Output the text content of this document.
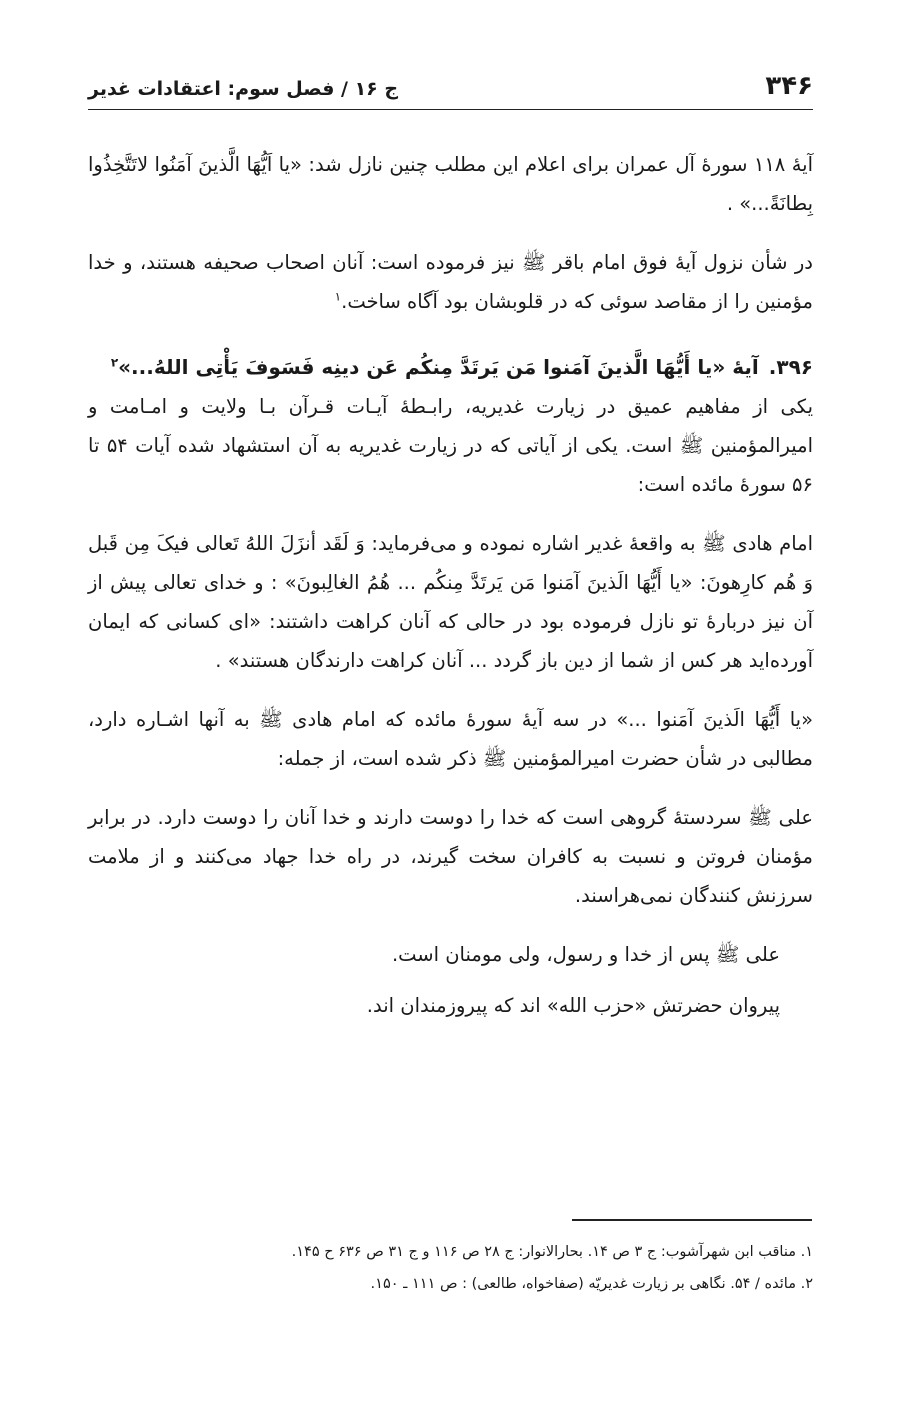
۳۴۶
ج ۱۶ / فصل سوم: اعتقادات غدیر

آیهٔ ۱۱۸ سورهٔ آل عمران برای اعلام این مطلب چنین نازل شد: «یا اَیُّهَا الَّذینَ آمَنُوا لاتَتَّخِذُوا بِطانَةً...» .

در شأن نزول آیهٔ فوق امام باقر ﷺ نیز فرموده است: آنان اصحاب صحیفه هستند، و خدا مؤمنین را از مقاصد سوئی که در قلوبشان بود آگاه ساخت.$^۱$

۳۹۶.آیهٔ «یا أَیُّهَا الَّذینَ آمَنوا مَن یَرتَدَّ مِنکُم عَن دینِه فَسَوفَ یَأْتِی اللهُ...»$^۲$

یکی از مفاهیم عمیق در زیارت غدیریه، رابـطهٔ آیـات قـرآن بـا ولایت و امـامت و امیرالمؤمنین ﷺ است. یکی از آیاتی که در زیارت غدیریه به آن استشهاد شده آیات ۵۴ تا ۵۶ سورهٔ مائده است:

امام هادی ﷺ به واقعهٔ غدیر اشاره نموده و می‌فرماید: وَ لَقَد أنزَلَ اللهُ تَعالی فیکَ مِن قَبل وَ هُم کارِهونَ: «یا أَیُّهَا الَذینَ آمَنوا مَن یَرتَدَّ مِنکُم ... هُمُ الغالِبونَ» : و خدای تعالی پیش از آن نیز دربارهٔ تو نازل فرموده بود در حالی که آنان کراهت داشتند: «ای کسانی که ایمان آورده‌اید هر کس از شما از دین باز گردد ... آنان کراهت دارندگان هستند» .

«یا أَیُّهَا الَذینَ آمَنوا ...» در سه آیهٔ سورهٔ مائده که امام هادی ﷺ به آنها اشـاره دارد، مطالبی در شأن حضرت امیرالمؤمنین ﷺ ذکر شده است، از جمله:

علی ﷺ سردستهٔ گروهی است که خدا را دوست دارند و خدا آنان را دوست دارد. در برابر مؤمنان فروتن و نسبت به کافران سخت گیرند، در راه خدا جهاد می‌کنند و از ملامت سرزنش کنندگان نمی‌هراسند.

علی ﷺ پس از خدا و رسول، ولی مومنان است.

پیروان حضرتش «حزب الله» اند که پیروزمندان اند.

۱. مناقب ابن شهرآشوب: ج ۳ ص ۱۴. بحارالانوار: ج ۲۸ ص ۱۱۶ و ج ۳۱ ص ۶۳۶ ح ۱۴۵.

۲. مائده / ۵۴. نگاهی بر زیارت غدیریّه (صفاخواه، طالعی) : ص ۱۱۱ ـ ۱۵۰.
